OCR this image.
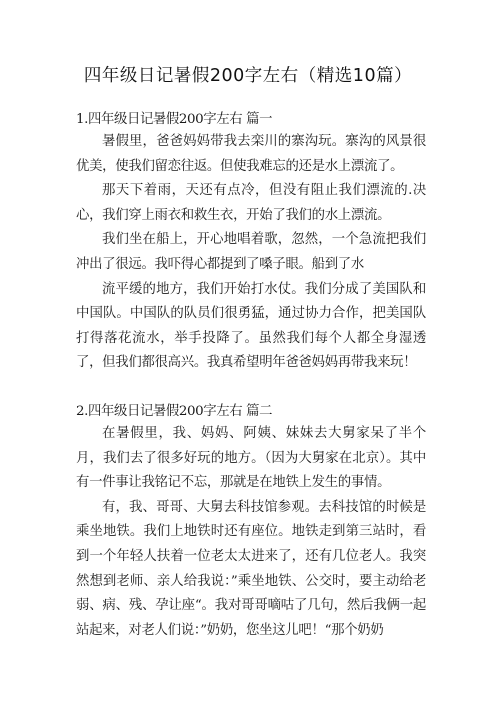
四年级日记暑假200字左右（精选10篇）

1.四年级日记暑假200字左右 篇一

暑假里，爸爸妈妈带我去栾川的寨沟玩。寨沟的风景很优美，使我们留恋往返。但使我难忘的还是水上漂流了。

那天下着雨，天还有点冷，但没有阻止我们漂流的.决心，我们穿上雨衣和救生衣，开始了我们的水上漂流。

我们坐在船上，开心地唱着歌，忽然，一个急流把我们冲出了很远。我吓得心都提到了嗓子眼。船到了水

流平缓的地方，我们开始打水仗。我们分成了美国队和中国队。中国队的队员们很勇猛，通过协力合作，把美国队打得落花流水，举手投降了。虽然我们每个人都全身湿透了，但我们都很高兴。我真希望明年爸爸妈妈再带我来玩！

2.四年级日记暑假200字左右 篇二

在暑假里，我、妈妈、阿姨、妹妹去大舅家呆了半个月，我们去了很多好玩的地方。（因为大舅家在北京）。其中有一件事让我铭记不忘，那就是在地铁上发生的事情。

有，我、哥哥、大舅去科技馆参观。去科技馆的时候是乘坐地铁。我们上地铁时还有座位。地铁走到第三站时，看到一个年轻人扶着一位老太太进来了，还有几位老人。我突然想到老师、亲人给我说：”乘坐地铁、公交时，要主动给老弱、病、残、孕让座“。我对哥哥嘀咕了几句，然后我俩一起站起来，对老人们说：”奶奶，您坐这儿吧！“那个奶奶
